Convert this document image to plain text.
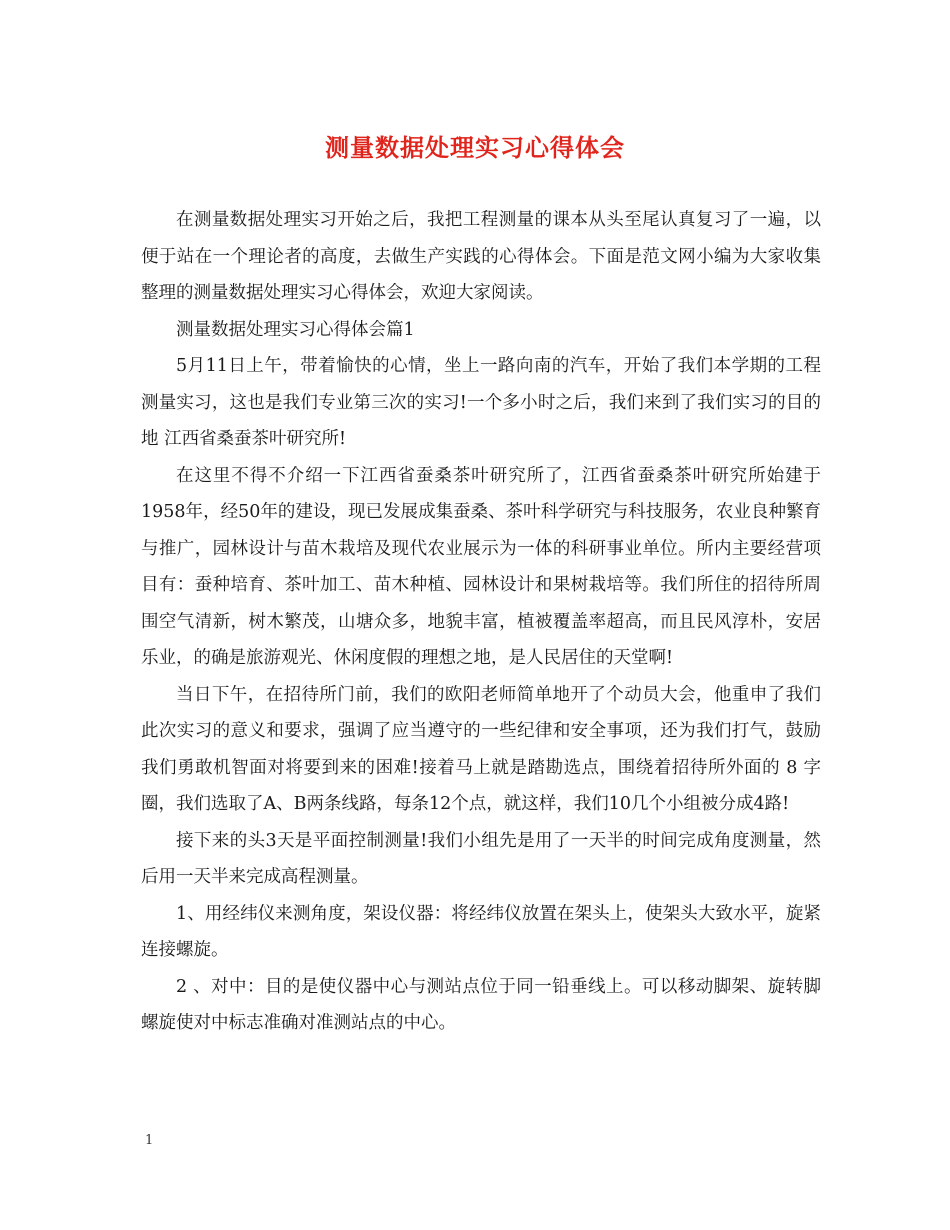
测量数据处理实习心得体会

在测量数据处理实习开始之后，我把工程测量的课本从头至尾认真复习了一遍，以便于站在一个理论者的高度，去做生产实践的心得体会。下面是范文网小编为大家收集整理的测量数据处理实习心得体会，欢迎大家阅读。

测量数据处理实习心得体会篇1

5月11日上午，带着愉快的心情，坐上一路向南的汽车，开始了我们本学期的工程测量实习，这也是我们专业第三次的实习!一个多小时之后，我们来到了我们实习的目的地 江西省桑蚕茶叶研究所!

在这里不得不介绍一下江西省蚕桑茶叶研究所了，江西省蚕桑茶叶研究所始建于1958年，经50年的建设，现已发展成集蚕桑、茶叶科学研究与科技服务，农业良种繁育与推广，园林设计与苗木栽培及现代农业展示为一体的科研事业单位。所内主要经营项目有：蚕种培育、茶叶加工、苗木种植、园林设计和果树栽培等。我们所住的招待所周围空气清新，树木繁茂，山塘众多，地貌丰富，植被覆盖率超高，而且民风淳朴，安居乐业，的确是旅游观光、休闲度假的理想之地，是人民居住的天堂啊!

当日下午，在招待所门前，我们的欧阳老师简单地开了个动员大会，他重申了我们此次实习的意义和要求，强调了应当遵守的一些纪律和安全事项，还为我们打气，鼓励我们勇敢机智面对将要到来的困难!接着马上就是踏勘选点，围绕着招待所外面的 8 字圈，我们选取了A、B两条线路，每条12个点，就这样，我们10几个小组被分成4路!

接下来的头3天是平面控制测量!我们小组先是用了一天半的时间完成角度测量，然后用一天半来完成高程测量。

1、用经纬仪来测角度，架设仪器：将经纬仪放置在架头上，使架头大致水平，旋紧连接螺旋。

2 、对中：目的是使仪器中心与测站点位于同一铅垂线上。可以移动脚架、旋转脚螺旋使对中标志准确对准测站点的中心。

1
